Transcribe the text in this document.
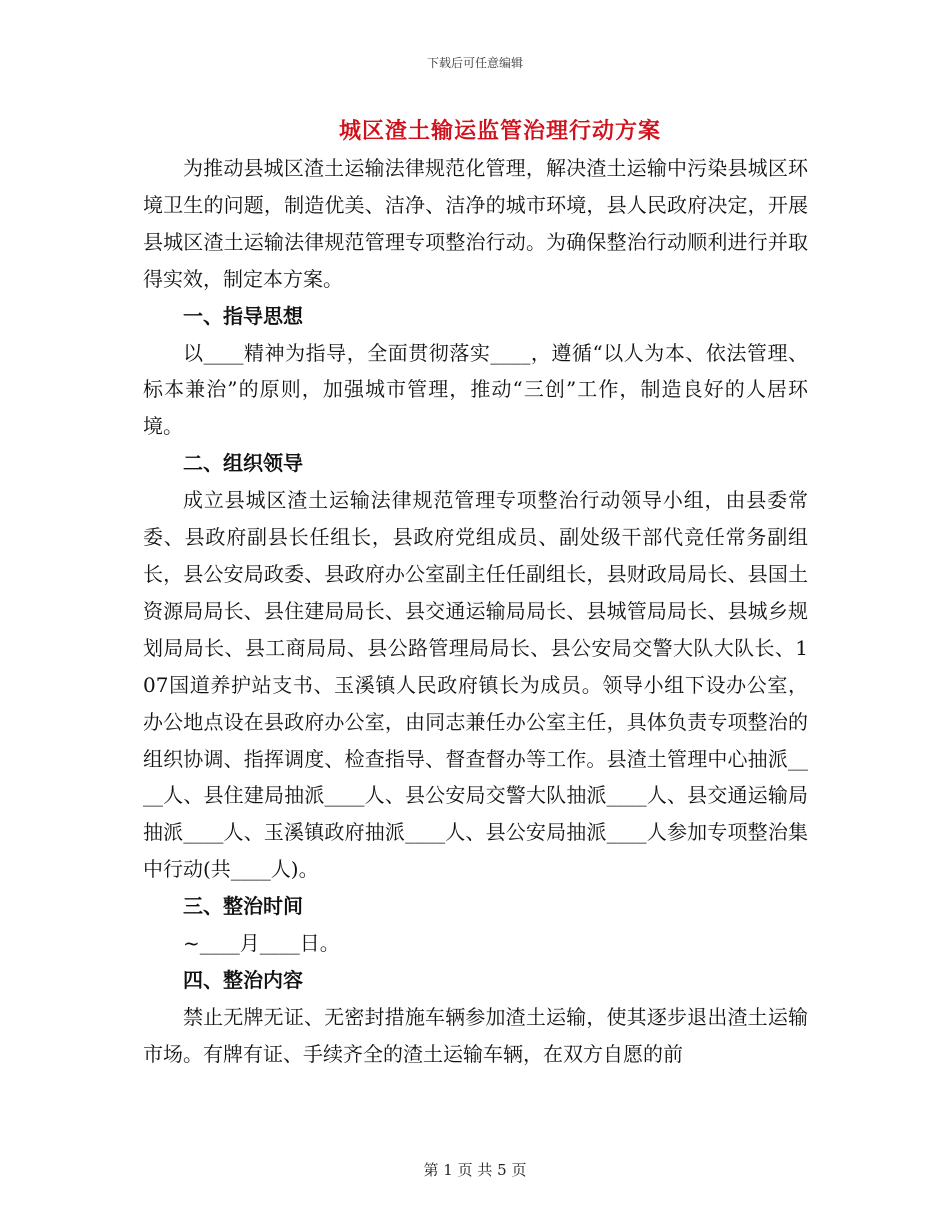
下载后可任意编辑
城区渣土输运监管治理行动方案

为推动县城区渣土运输法律规范化管理，解决渣土运输中污染县城区环境卫生的问题，制造优美、洁净、洁净的城市环境，县人民政府决定，开展县城区渣土运输法律规范管理专项整治行动。为确保整治行动顺利进行并取得实效，制定本方案。

一、指导思想

以____精神为指导，全面贯彻落实____，遵循“以人为本、依法管理、标本兼治”的原则，加强城市管理，推动“三创”工作，制造良好的人居环境。

二、组织领导

成立县城区渣土运输法律规范管理专项整治行动领导小组，由县委常委、县政府副县长任组长，县政府党组成员、副处级干部代竞任常务副组长，县公安局政委、县政府办公室副主任任副组长，县财政局局长、县国土资源局局长、县住建局局长、县交通运输局局长、县城管局局长、县城乡规划局局长、县工商局局、县公路管理局局长、县公安局交警大队大队长、107国道养护站支书、玉溪镇人民政府镇长为成员。领导小组下设办公室，办公地点设在县政府办公室，由同志兼任办公室主任，具体负责专项整治的组织协调、指挥调度、检查指导、督查督办等工作。县渣土管理中心抽派____人、县住建局抽派____人、县公安局交警大队抽派____人、县交通运输局抽派____人、玉溪镇政府抽派____人、县公安局抽派____人参加专项整治集中行动(共____人)。

三、整治时间

~____月____日。

四、整治内容

禁止无牌无证、无密封措施车辆参加渣土运输，使其逐步退出渣土运输市场。有牌有证、手续齐全的渣土运输车辆，在双方自愿的前

第 1 页 共 5 页
